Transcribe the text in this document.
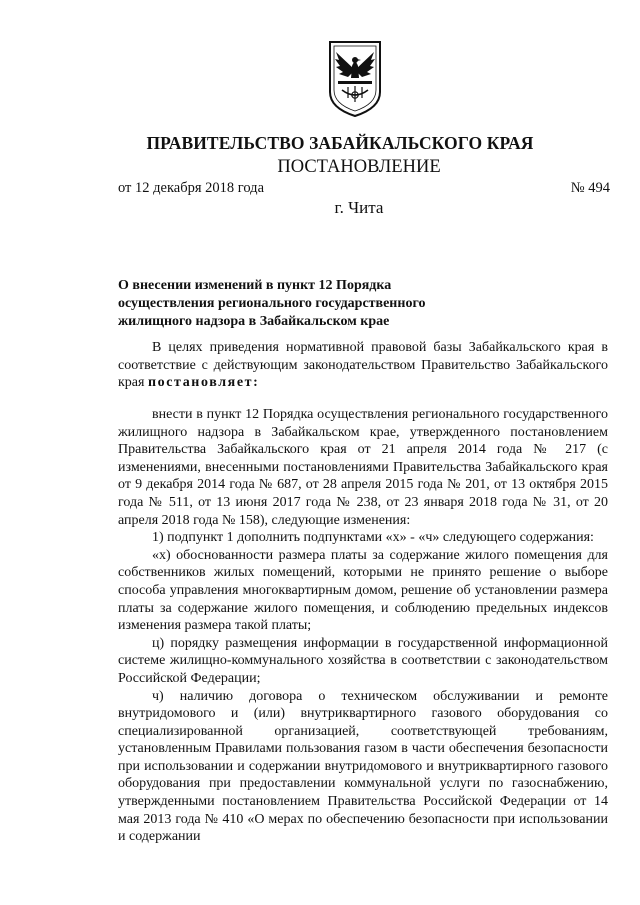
ПРАВИТЕЛЬСТВО ЗАБАЙКАЛЬСКОГО КРАЯ
ПОСТАНОВЛЕНИЕ
от 12 декабря 2018 года	№ 494
г. Чита
О внесении изменений в пункт 12 Порядка
осуществления регионального государственного
жилищного надзора в Забайкальском крае

В целях приведения нормативной правовой базы Забайкальского края в соответствие с действующим законодательством Правительство Забайкальского края постановляет:

внести в пункт 12 Порядка осуществления регионального государственного жилищного надзора в Забайкальском крае, утвержденного постановлением Правительства Забайкальского края от 21 апреля 2014 года № 217 (с изменениями, внесенными постановлениями Правительства Забайкальского края от 9 декабря 2014 года № 687, от 28 апреля 2015 года № 201, от 13 октября 2015 года № 511, от 13 июня 2017 года № 238, от 23 января 2018 года № 31, от 20 апреля 2018 года № 158), следующие изменения:

1) подпункт 1 дополнить подпунктами «х» - «ч» следующего содержания:

«х) обоснованности размера платы за содержание жилого помещения для собственников жилых помещений, которыми не принято решение о выборе способа управления многоквартирным домом, решение об установлении размера платы за содержание жилого помещения, и соблюдению предельных индексов изменения размера такой платы;

ц) порядку размещения информации в государственной информационной системе жилищно-коммунального хозяйства в соответствии с законодательством Российской Федерации;

ч) наличию договора о техническом обслуживании и ремонте внутридомового и (или) внутриквартирного газового оборудования со специализированной организацией, соответствующей требованиям, установленным Правилами пользования газом в части обеспечения безопасности при использовании и содержании внутридомового и внутриквартирного газового оборудования при предоставлении коммунальной услуги по газоснабжению, утвержденными постановлением Правительства Российской Федерации от 14 мая 2013 года № 410 «О мерах по обеспечению безопасности при использовании и содержании
